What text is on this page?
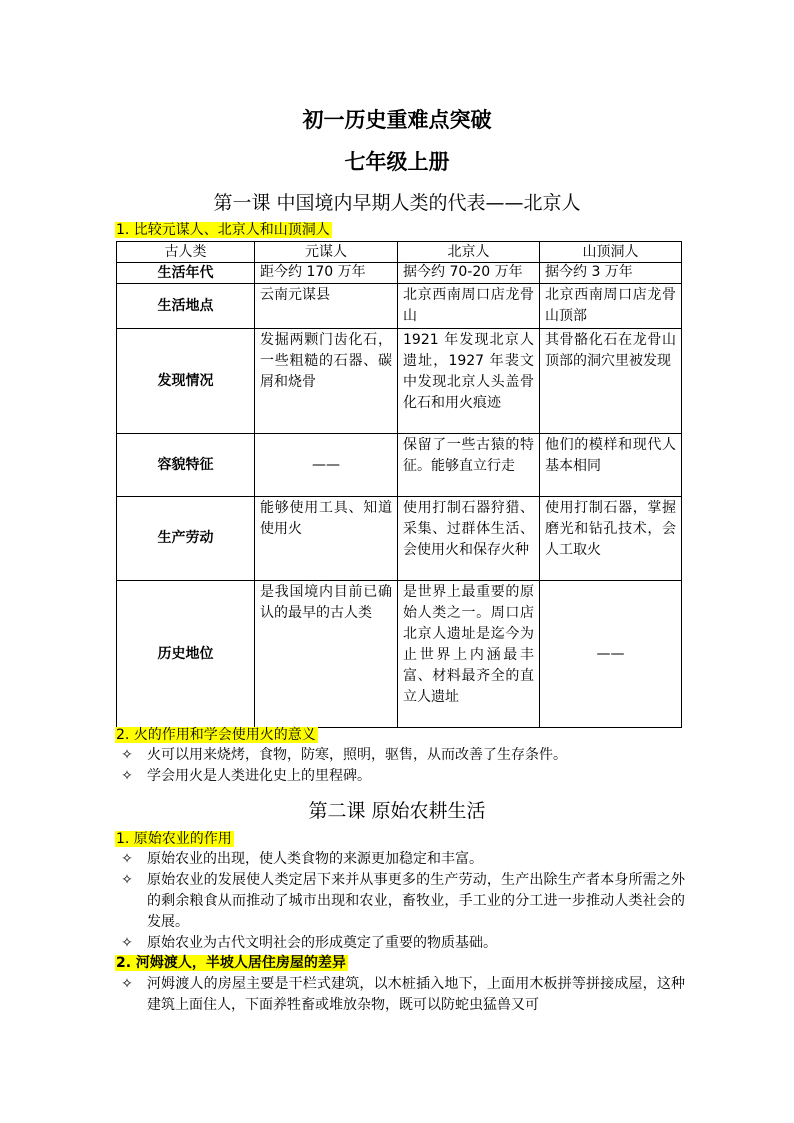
初一历史重难点突破
七年级上册
第一课 中国境内早期人类的代表——北京人
1. 比较元谋人、北京人和山顶洞人
古人类	元谋人	北京人	山顶洞人
生活年代	距今约 170 万年	据今约 70-20 万年	据今约 3 万年
生活地点	云南元谋县	北京西南周口店龙骨山	北京西南周口店龙骨山顶部
发现情况	发掘两颗门齿化石，一些粗糙的石器、碳屑和烧骨	1921 年发现北京人遗址，1927 年裴文中发现北京人头盖骨化石和用火痕迹	其骨骼化石在龙骨山顶部的洞穴里被发现
容貌特征	——	保留了一些古猿的特征。能够直立行走	他们的模样和现代人基本相同
生产劳动	能够使用工具、知道使用火	使用打制石器狩猎、采集、过群体生活、会使用火和保存火种	使用打制石器，掌握磨光和钻孔技术，会人工取火
历史地位	是我国境内目前已确认的最早的古人类	是世界上最重要的原始人类之一。周口店北京人遗址是迄今为止世界上内涵最丰富、材料最齐全的直立人遗址	——
2. 火的作用和学会使用火的意义
✧ 火可以用来烧烤，食物，防寒，照明，驱售，从而改善了生存条件。
✧ 学会用火是人类进化史上的里程碑。
第二课 原始农耕生活
1. 原始农业的作用
✧ 原始农业的出现，使人类食物的来源更加稳定和丰富。
✧ 原始农业的发展使人类定居下来并从事更多的生产劳动，生产出除生产者本身所需之外的剩余粮食从而推动了城市出现和农业，畜牧业，手工业的分工进一步推动人类社会的发展。
✧ 原始农业为古代文明社会的形成奠定了重要的物质基础。
2. 河姆渡人，半坡人居住房屋的差异
✧ 河姆渡人的房屋主要是干栏式建筑，以木桩插入地下，上面用木板拼等拼接成屋，这种建筑上面住人，下面养牲畜或堆放杂物，既可以防蛇虫猛兽又可
